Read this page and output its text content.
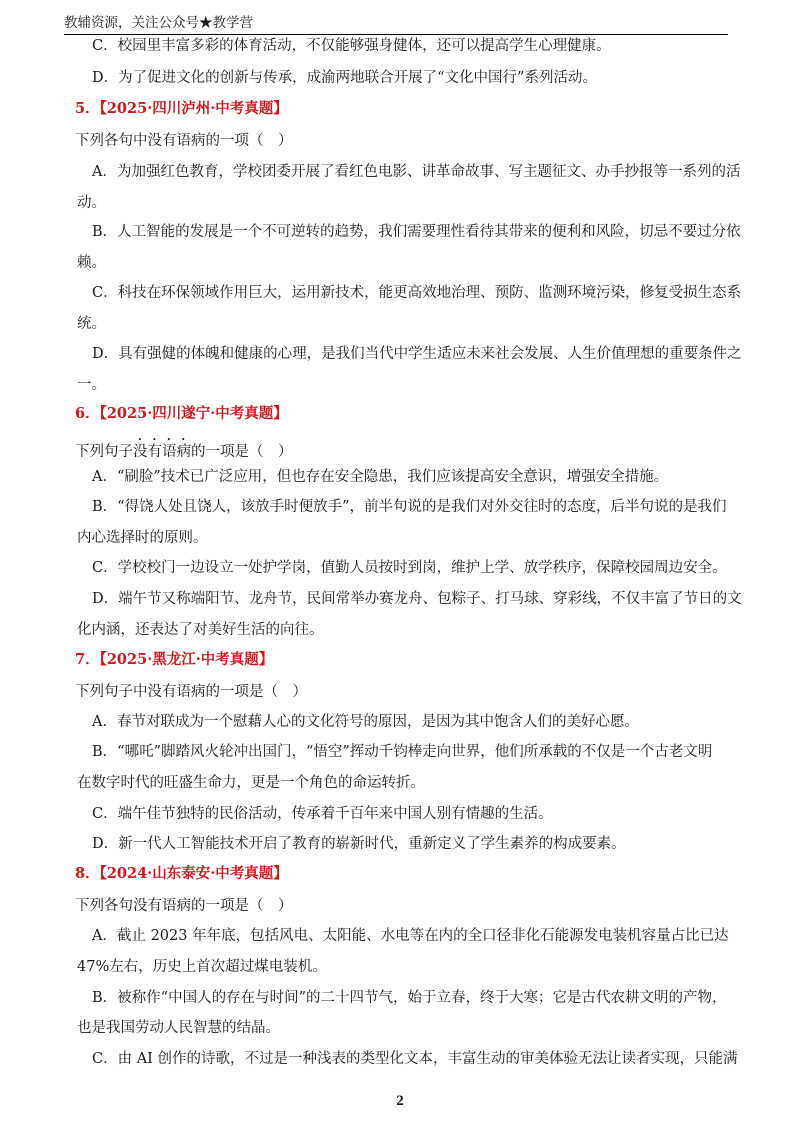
教辅资源，关注公众号★教学营
C．校园里丰富多彩的体育活动，不仅能够强身健体，还可以提高学生心理健康。
D．为了促进文化的创新与传承，成渝两地联合开展了“文化中国行”系列活动。
5．【2025·四川泸州·中考真题】
下列各句中没有语病的一项（　）
A．为加强红色教育，学校团委开展了看红色电影、讲革命故事、写主题征文、办手抄报等一系列的活
动。
B．人工智能的发展是一个不可逆转的趋势，我们需要理性看待其带来的便利和风险，切忌不要过分依
赖。
C．科技在环保领域作用巨大，运用新技术，能更高效地治理、预防、监测环境污染，修复受损生态系
统。
D．具有强健的体魄和健康的心理，是我们当代中学生适应未来社会发展、人生价值理想的重要条件之
一。
6．【2025·四川遂宁·中考真题】
下列句子没有语病的一项是（　）
A．“刷脸”技术已广泛应用，但也存在安全隐患，我们应该提高安全意识，增强安全措施。
B．“得饶人处且饶人，该放手时便放手”，前半句说的是我们对外交往时的态度，后半句说的是我们
内心选择时的原则。
C．学校校门一边设立一处护学岗，值勤人员按时到岗，维护上学、放学秩序，保障校园周边安全。
D．端午节又称端阳节、龙舟节，民间常举办赛龙舟、包粽子、打马球、穿彩线，不仅丰富了节日的文
化内涵，还表达了对美好生活的向往。
7．【2025·黑龙江·中考真题】
下列句子中没有语病的一项是（　）
A．春节对联成为一个慰藉人心的文化符号的原因，是因为其中饱含人们的美好心愿。
B．“哪吒”脚踏风火轮冲出国门，“悟空”挥动千钧棒走向世界，他们所承载的不仅是一个古老文明
在数字时代的旺盛生命力，更是一个角色的命运转折。
C．端午佳节独特的民俗活动，传承着千百年来中国人别有情趣的生活。
D．新一代人工智能技术开启了教育的崭新时代，重新定义了学生素养的构成要素。
8．【2024·山东泰安·中考真题】
下列各句没有语病的一项是（　）
A．截止 2023 年年底，包括风电、太阳能、水电等在内的全口径非化石能源发电装机容量占比已达
47%左右，历史上首次超过煤电装机。
B．被称作“中国人的存在与时间”的二十四节气，始于立春，终于大寒；它是古代农耕文明的产物，
也是我国劳动人民智慧的结晶。
C．由 AI 创作的诗歌，不过是一种浅表的类型化文本，丰富生动的审美体验无法让读者实现，只能满
2
